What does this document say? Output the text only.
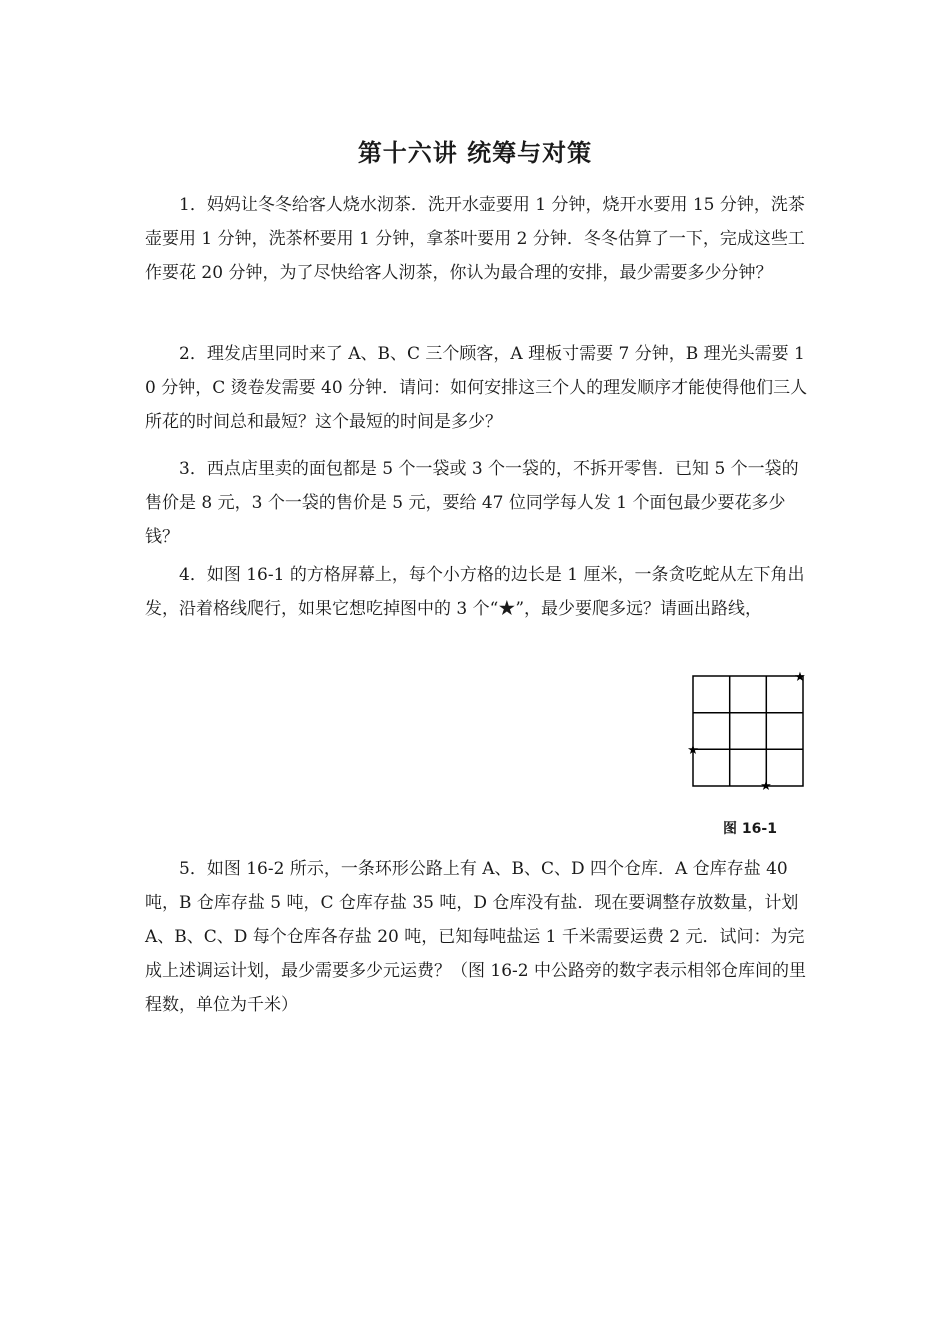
第十六讲 统筹与对策

1．妈妈让冬冬给客人烧水沏茶．洗开水壶要用 1 分钟，烧开水要用 15 分钟，洗茶壶要用 1 分钟，洗茶杯要用 1 分钟，拿茶叶要用 2 分钟．冬冬估算了一下，完成这些工作要花 20 分钟，为了尽快给客人沏茶，你认为最合理的安排，最少需要多少分钟？

2．理发店里同时来了 A、B、C 三个顾客，A 理板寸需要 7 分钟，B 理光头需要 10 分钟，C 烫卷发需要 40 分钟．请问：如何安排这三个人的理发顺序才能使得他们三人所花的时间总和最短？这个最短的时间是多少？

3．西点店里卖的面包都是 5 个一袋或 3 个一袋的，不拆开零售．已知 5 个一袋的售价是 8 元，3 个一袋的售价是 5 元，要给 47 位同学每人发 1 个面包最少要花多少钱？

4．如图 16-1 的方格屏幕上，每个小方格的边长是 1 厘米，一条贪吃蛇从左下角出发，沿着格线爬行，如果它想吃掉图中的 3 个“★”，最少要爬多远？请画出路线，

★
★
★
图 16-1

5．如图 16-2 所示，一条环形公路上有 A、B、C、D 四个仓库．A 仓库存盐 40 吨，B 仓库存盐 5 吨，C 仓库存盐 35 吨，D 仓库没有盐．现在要调整存放数量，计划 A、B、C、D 每个仓库各存盐 20 吨，已知每吨盐运 1 千米需要运费 2 元．试问：为完成上述调运计划，最少需要多少元运费？（图 16-2 中公路旁的数字表示相邻仓库间的里程数，单位为千米）
